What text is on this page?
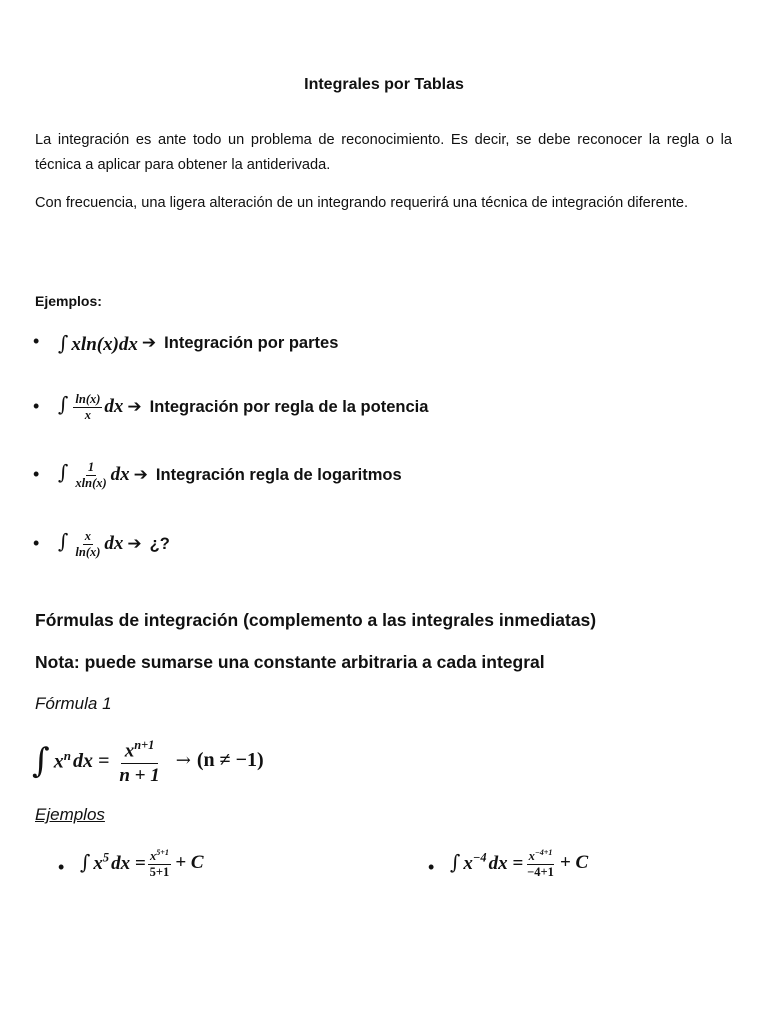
Integrales por Tablas

La integración es ante todo un problema de reconocimiento. Es decir, se debe reconocer la regla o la técnica a aplicar para obtener la antiderivada.

Con frecuencia, una ligera alteración de un integrando requerirá una técnica de integración diferente.

Ejemplos:
• ∫ xln(x)dx ➔ Integración por partes
• ∫ $\frac{\ln(x)}{x}$ dx ➔ Integración por regla de la potencia
• ∫ $\frac{1}{xln(x)}$ dx ➔ Integración regla de logaritmos
• ∫ $\frac{x}{\ln(x)}$ dx ➔ ¿?
Fórmulas de integración (complemento a las integrales inmediatas)
Nota: puede sumarse una constante arbitraria a cada integral
Fórmula 1
∫ $x^n$ dx = $\frac{x^{n+1}}{n + 1} \to (n \ne -1)$
Ejemplos
• ∫ $x^5$ dx = $\frac{x^{5+1}}{5+1} + C$	• ∫ $x^{-4}$ dx = $\frac{x^{-4+1}}{-4+1} + C$
